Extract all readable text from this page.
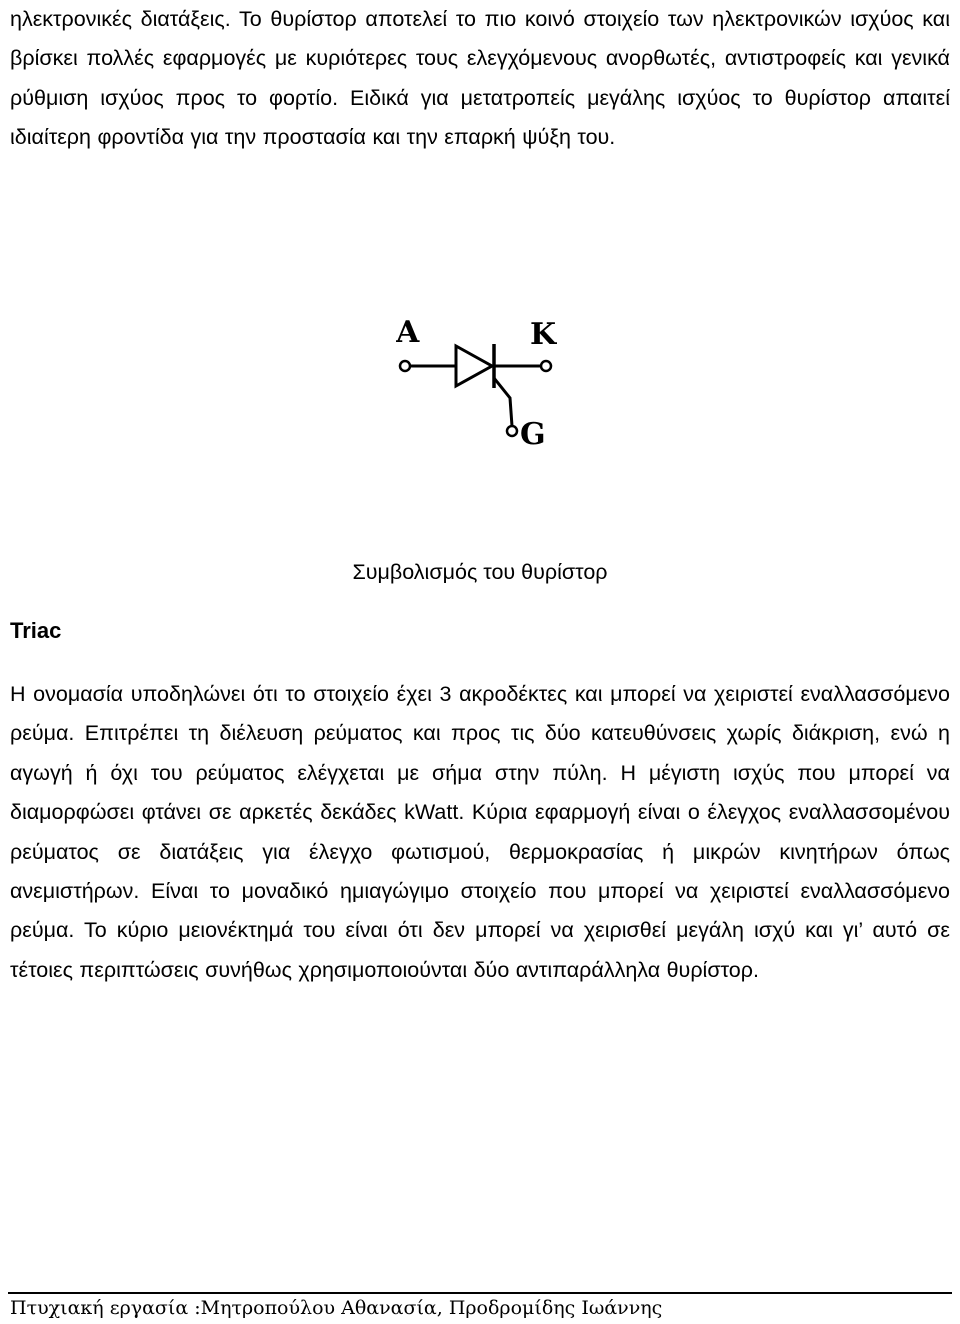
ηλεκτρονικές διατάξεις. Το θυρίστορ αποτελεί το πιο κοινό στοιχείο των ηλεκτρονικών ισχύος και βρίσκει πολλές εφαρμογές με κυριότερες τους ελεγχόμενους ανορθωτές, αντιστροφείς και γενικά ρύθμιση ισχύος προς το φορτίο. Ειδικά για μετατροπείς μεγάλης ισχύος το θυρίστορ απαιτεί ιδιαίτερη φροντίδα για την προστασία και την επαρκή ψύξη του.

A	K
G

Συμβολισμός του θυρίστορ

Triac

Η ονομασία υποδηλώνει ότι το στοιχείο έχει 3 ακροδέκτες και μπορεί να χειριστεί εναλλασσόμενο ρεύμα. Επιτρέπει τη διέλευση ρεύματος και προς τις δύο κατευθύνσεις χωρίς διάκριση, ενώ η αγωγή ή όχι του ρεύματος ελέγχεται με σήμα στην πύλη. Η μέγιστη ισχύς που μπορεί να διαμορφώσει φτάνει σε αρκετές δεκάδες kWatt. Κύρια εφαρμογή είναι ο έλεγχος εναλλασσομένου ρεύματος σε διατάξεις για έλεγχο φωτισμού, θερμοκρασίας ή μικρών κινητήρων όπως ανεμιστήρων. Είναι το μοναδικό ημιαγώγιμο στοιχείο που μπορεί να χειριστεί εναλλασσόμενο ρεύμα. Το κύριο μειονέκτημά του είναι ότι δεν μπορεί να χειρισθεί μεγάλη ισχύ και γι’ αυτό σε τέτοιες περιπτώσεις συνήθως χρησιμοποιούνται δύο αντιπαράλληλα θυρίστορ.

Πτυχιακή εργασία :Μητροπούλου Αθανασία, Προδρομίδης Ιωάννης
